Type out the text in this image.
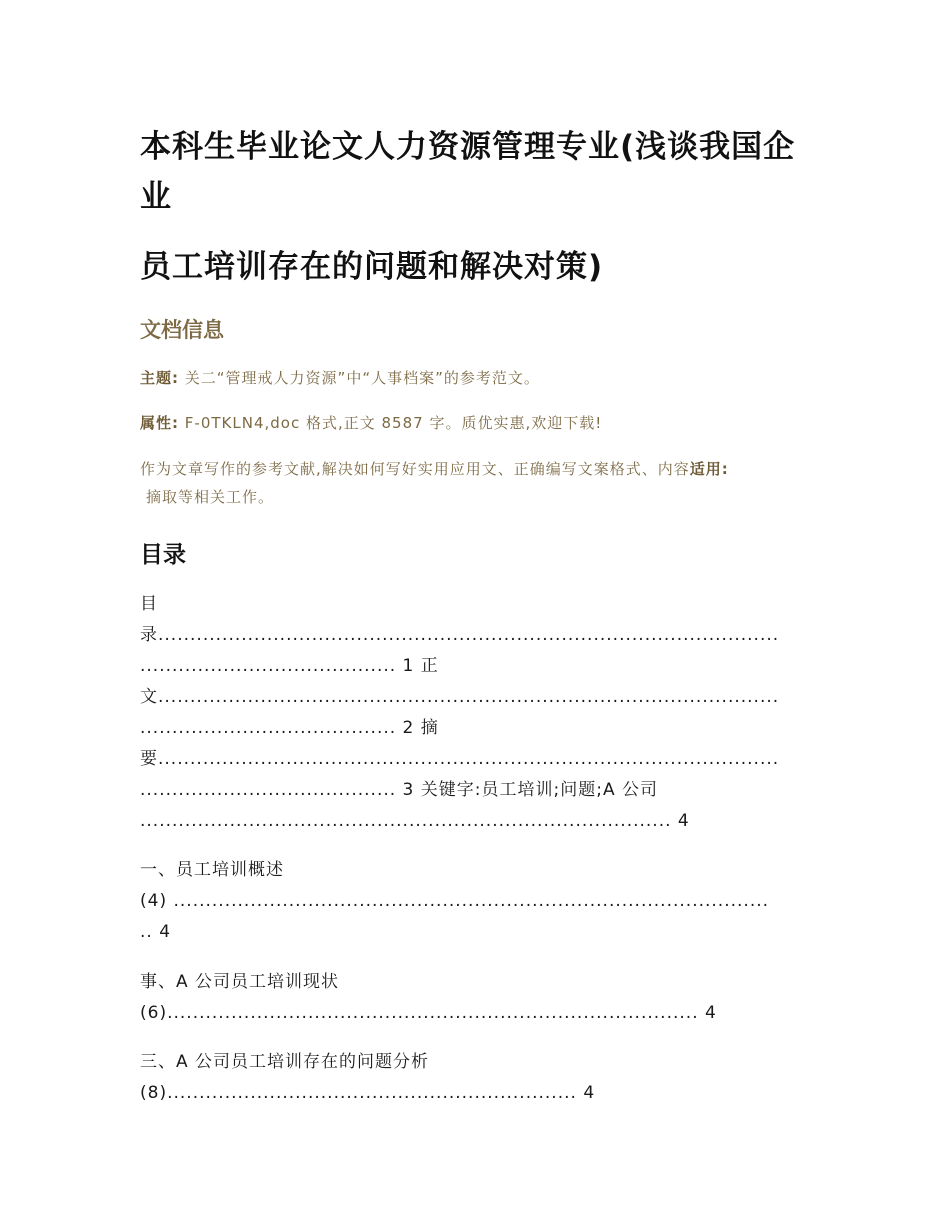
本科生毕业论文人力资源管理专业(浅谈我国企业
员工培训存在的问题和解决对策)
文档信息

主题: 关二“管理戒人力资源”中“人事档案”的参考范文。

属性: F-0TKLN4,doc 格式,正文 8587 字。质优实惠,欢迎下载!

作为文章写作的参考文献,解决如何写好实用应用文、正确编写文案格式、内容适用:
摘取等相关工作。

目录
目
录.................................................................................................
........................................ 1 正
文.................................................................................................
........................................ 2 摘
要.................................................................................................
........................................ 3 关键字:员工培训;问题;A 公司
................................................................................... 4
一、员工培训概述
(4) .............................................................................................
.. 4
事、A 公司员工培训现状
(6)................................................................................... 4
三、A 公司员工培训存在的问题分析
(8)................................................................ 4
